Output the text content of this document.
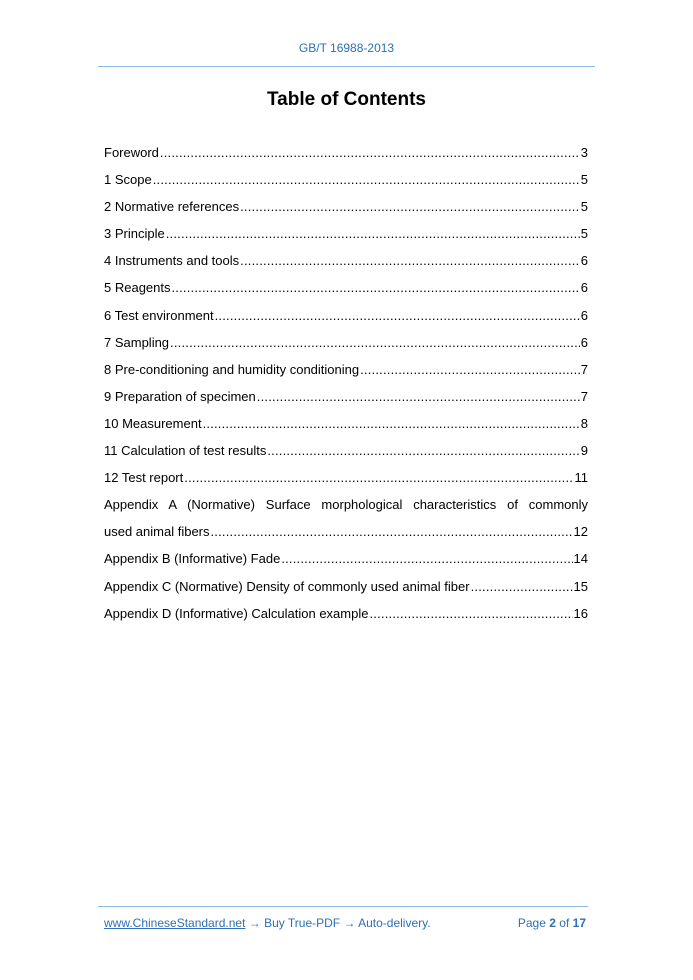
GB/T 16988-2013
Table of Contents
Foreword .....	3
1 Scope .....	5
2 Normative references .....	5
3 Principle .....	5
4 Instruments and tools .....	6
5 Reagents .....	6
6 Test environment .....	6
7 Sampling .....	6
8 Pre-conditioning and humidity conditioning .....	7
9 Preparation of specimen .....	7
10 Measurement .....	8
11 Calculation of test results .....	9
12 Test report .....	11
Appendix A (Normative) Surface morphological characteristics of commonly
used animal fibers .....	12
Appendix B (Informative) Fade .....	14
Appendix C (Normative) Density of commonly used animal fiber .....	15
Appendix D (Informative) Calculation example .....	16
www.ChineseStandard.net → Buy True-PDF → Auto-delivery.	Page 2 of 17
